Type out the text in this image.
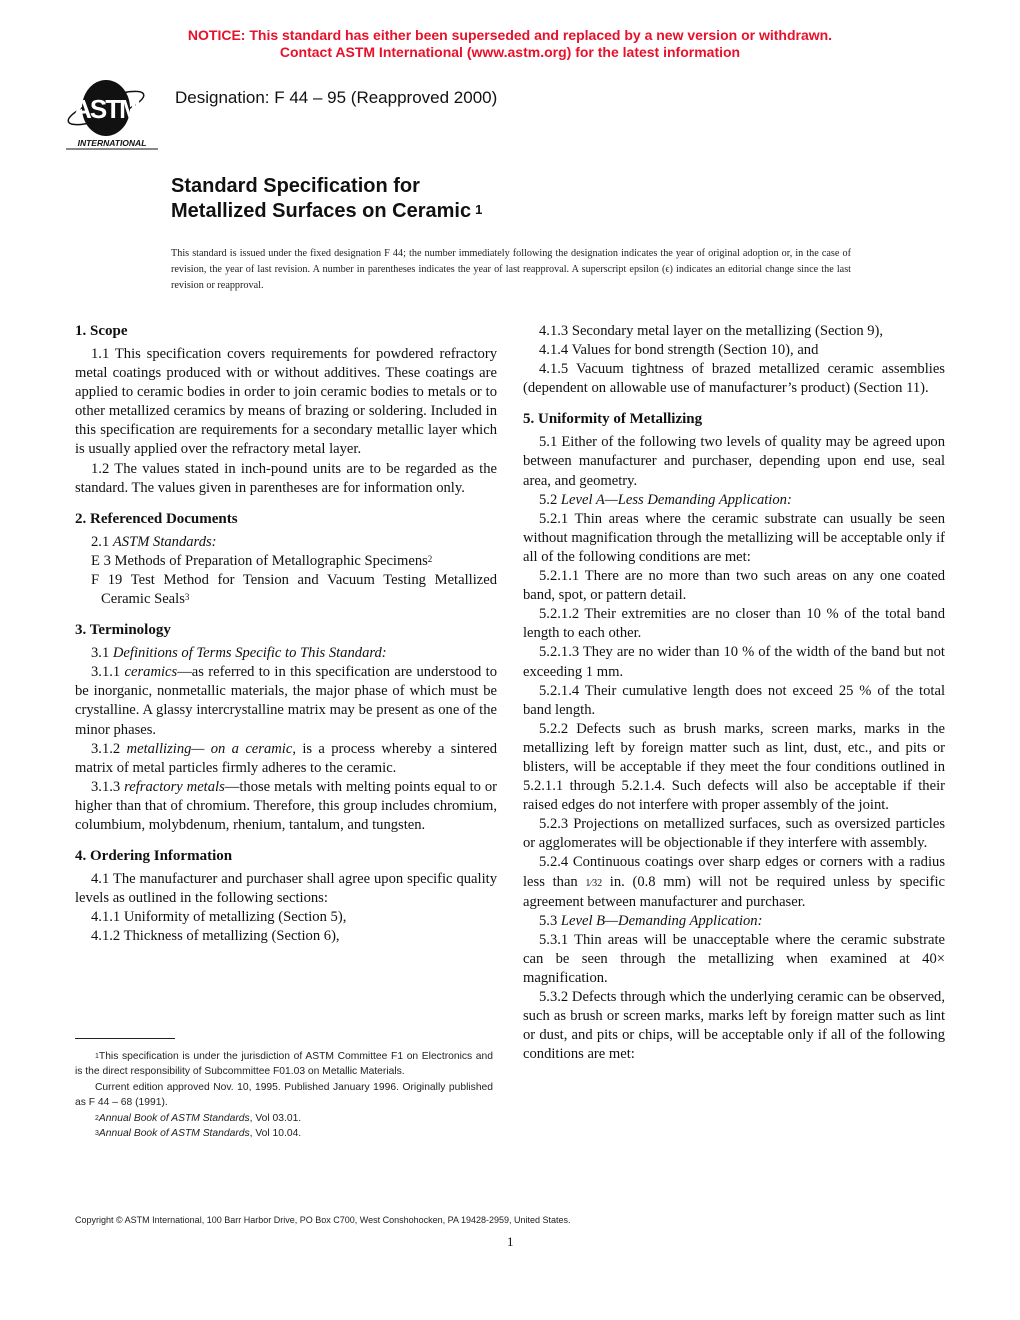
NOTICE: This standard has either been superseded and replaced by a new version or withdrawn.
Contact ASTM International (www.astm.org) for the latest information
ASTM
INTERNATIONAL
Designation: F 44 – 95 (Reapproved 2000)
Standard Specification for
Metallized Surfaces on Ceramic $^1$
This standard is issued under the fixed designation F 44; the number immediately following the designation indicates the year of original adoption or, in the case of revision, the year of last revision. A number in parentheses indicates the year of last reapproval. A superscript epsilon (ϵ) indicates an editorial change since the last revision or reapproval.
1. Scope

1.1 This specification covers requirements for powdered refractory metal coatings produced with or without additives. These coatings are applied to ceramic bodies in order to join ceramic bodies to metals or to other metallized ceramics by means of brazing or soldering. Included in this specification are requirements for a secondary metallic layer which is usually applied over the refractory metal layer.

1.2 The values stated in inch-pound units are to be regarded as the standard. The values given in parentheses are for information only.

2. Referenced Documents

2.1 ASTM Standards:

E 3 Methods of Preparation of Metallographic Specimens$^2$

F 19 Test Method for Tension and Vacuum Testing Metallized Ceramic Seals$^3$

3. Terminology

3.1 Definitions of Terms Specific to This Standard:

3.1.1 ceramics—as referred to in this specification are understood to be inorganic, nonmetallic materials, the major phase of which must be crystalline. A glassy intercrystalline matrix may be present as one of the minor phases.

3.1.2 metallizing— on a ceramic, is a process whereby a sintered matrix of metal particles firmly adheres to the ceramic.

3.1.3 refractory metals—those metals with melting points equal to or higher than that of chromium. Therefore, this group includes chromium, columbium, molybdenum, rhenium, tantalum, and tungsten.

4. Ordering Information

4.1 The manufacturer and purchaser shall agree upon specific quality levels as outlined in the following sections:

4.1.1 Uniformity of metallizing (Section 5),

4.1.2 Thickness of metallizing (Section 6),

4.1.3 Secondary metal layer on the metallizing (Section 9),

4.1.4 Values for bond strength (Section 10), and

4.1.5 Vacuum tightness of brazed metallized ceramic assemblies (dependent on allowable use of manufacturer’s product) (Section 11).

5. Uniformity of Metallizing

5.1 Either of the following two levels of quality may be agreed upon between manufacturer and purchaser, depending upon end use, seal area, and geometry.

5.2 Level A—Less Demanding Application:

5.2.1 Thin areas where the ceramic substrate can usually be seen without magnification through the metallizing will be acceptable only if all of the following conditions are met:

5.2.1.1 There are no more than two such areas on any one coated band, spot, or pattern detail.

5.2.1.2 Their extremities are no closer than 10 % of the total band length to each other.

5.2.1.3 They are no wider than 10 % of the width of the band but not exceeding 1 mm.

5.2.1.4 Their cumulative length does not exceed 25 % of the total band length.

5.2.2 Defects such as brush marks, screen marks, marks in the metallizing left by foreign matter such as lint, dust, etc., and pits or blisters, will be acceptable if they meet the four conditions outlined in 5.2.1.1 through 5.2.1.4. Such defects will also be acceptable if their raised edges do not interfere with proper assembly of the joint.

5.2.3 Projections on metallized surfaces, such as oversized particles or agglomerates will be objectionable if they interfere with assembly.

5.2.4 Continuous coatings over sharp edges or corners with a radius less than 1⁄32 in. (0.8 mm) will not be required unless by specific agreement between manufacturer and purchaser.

5.3 Level B—Demanding Application:

5.3.1 Thin areas will be unacceptable where the ceramic substrate can be seen through the metallizing when examined at 40× magnification.

5.3.2 Defects through which the underlying ceramic can be observed, such as brush or screen marks, marks left by foreign matter such as lint or dust, and pits or chips, will be acceptable only if all of the following conditions are met:

$^1$This specification is under the jurisdiction of ASTM Committee F1 on Electronics and is the direct responsibility of Subcommittee F01.03 on Metallic Materials.

Current edition approved Nov. 10, 1995. Published January 1996. Originally published as F 44 – 68 (1991).

$^2$Annual Book of ASTM Standards, Vol 03.01.

$^3$Annual Book of ASTM Standards, Vol 10.04.

Copyright © ASTM International, 100 Barr Harbor Drive, PO Box C700, West Conshohocken, PA 19428-2959, United States.
1
